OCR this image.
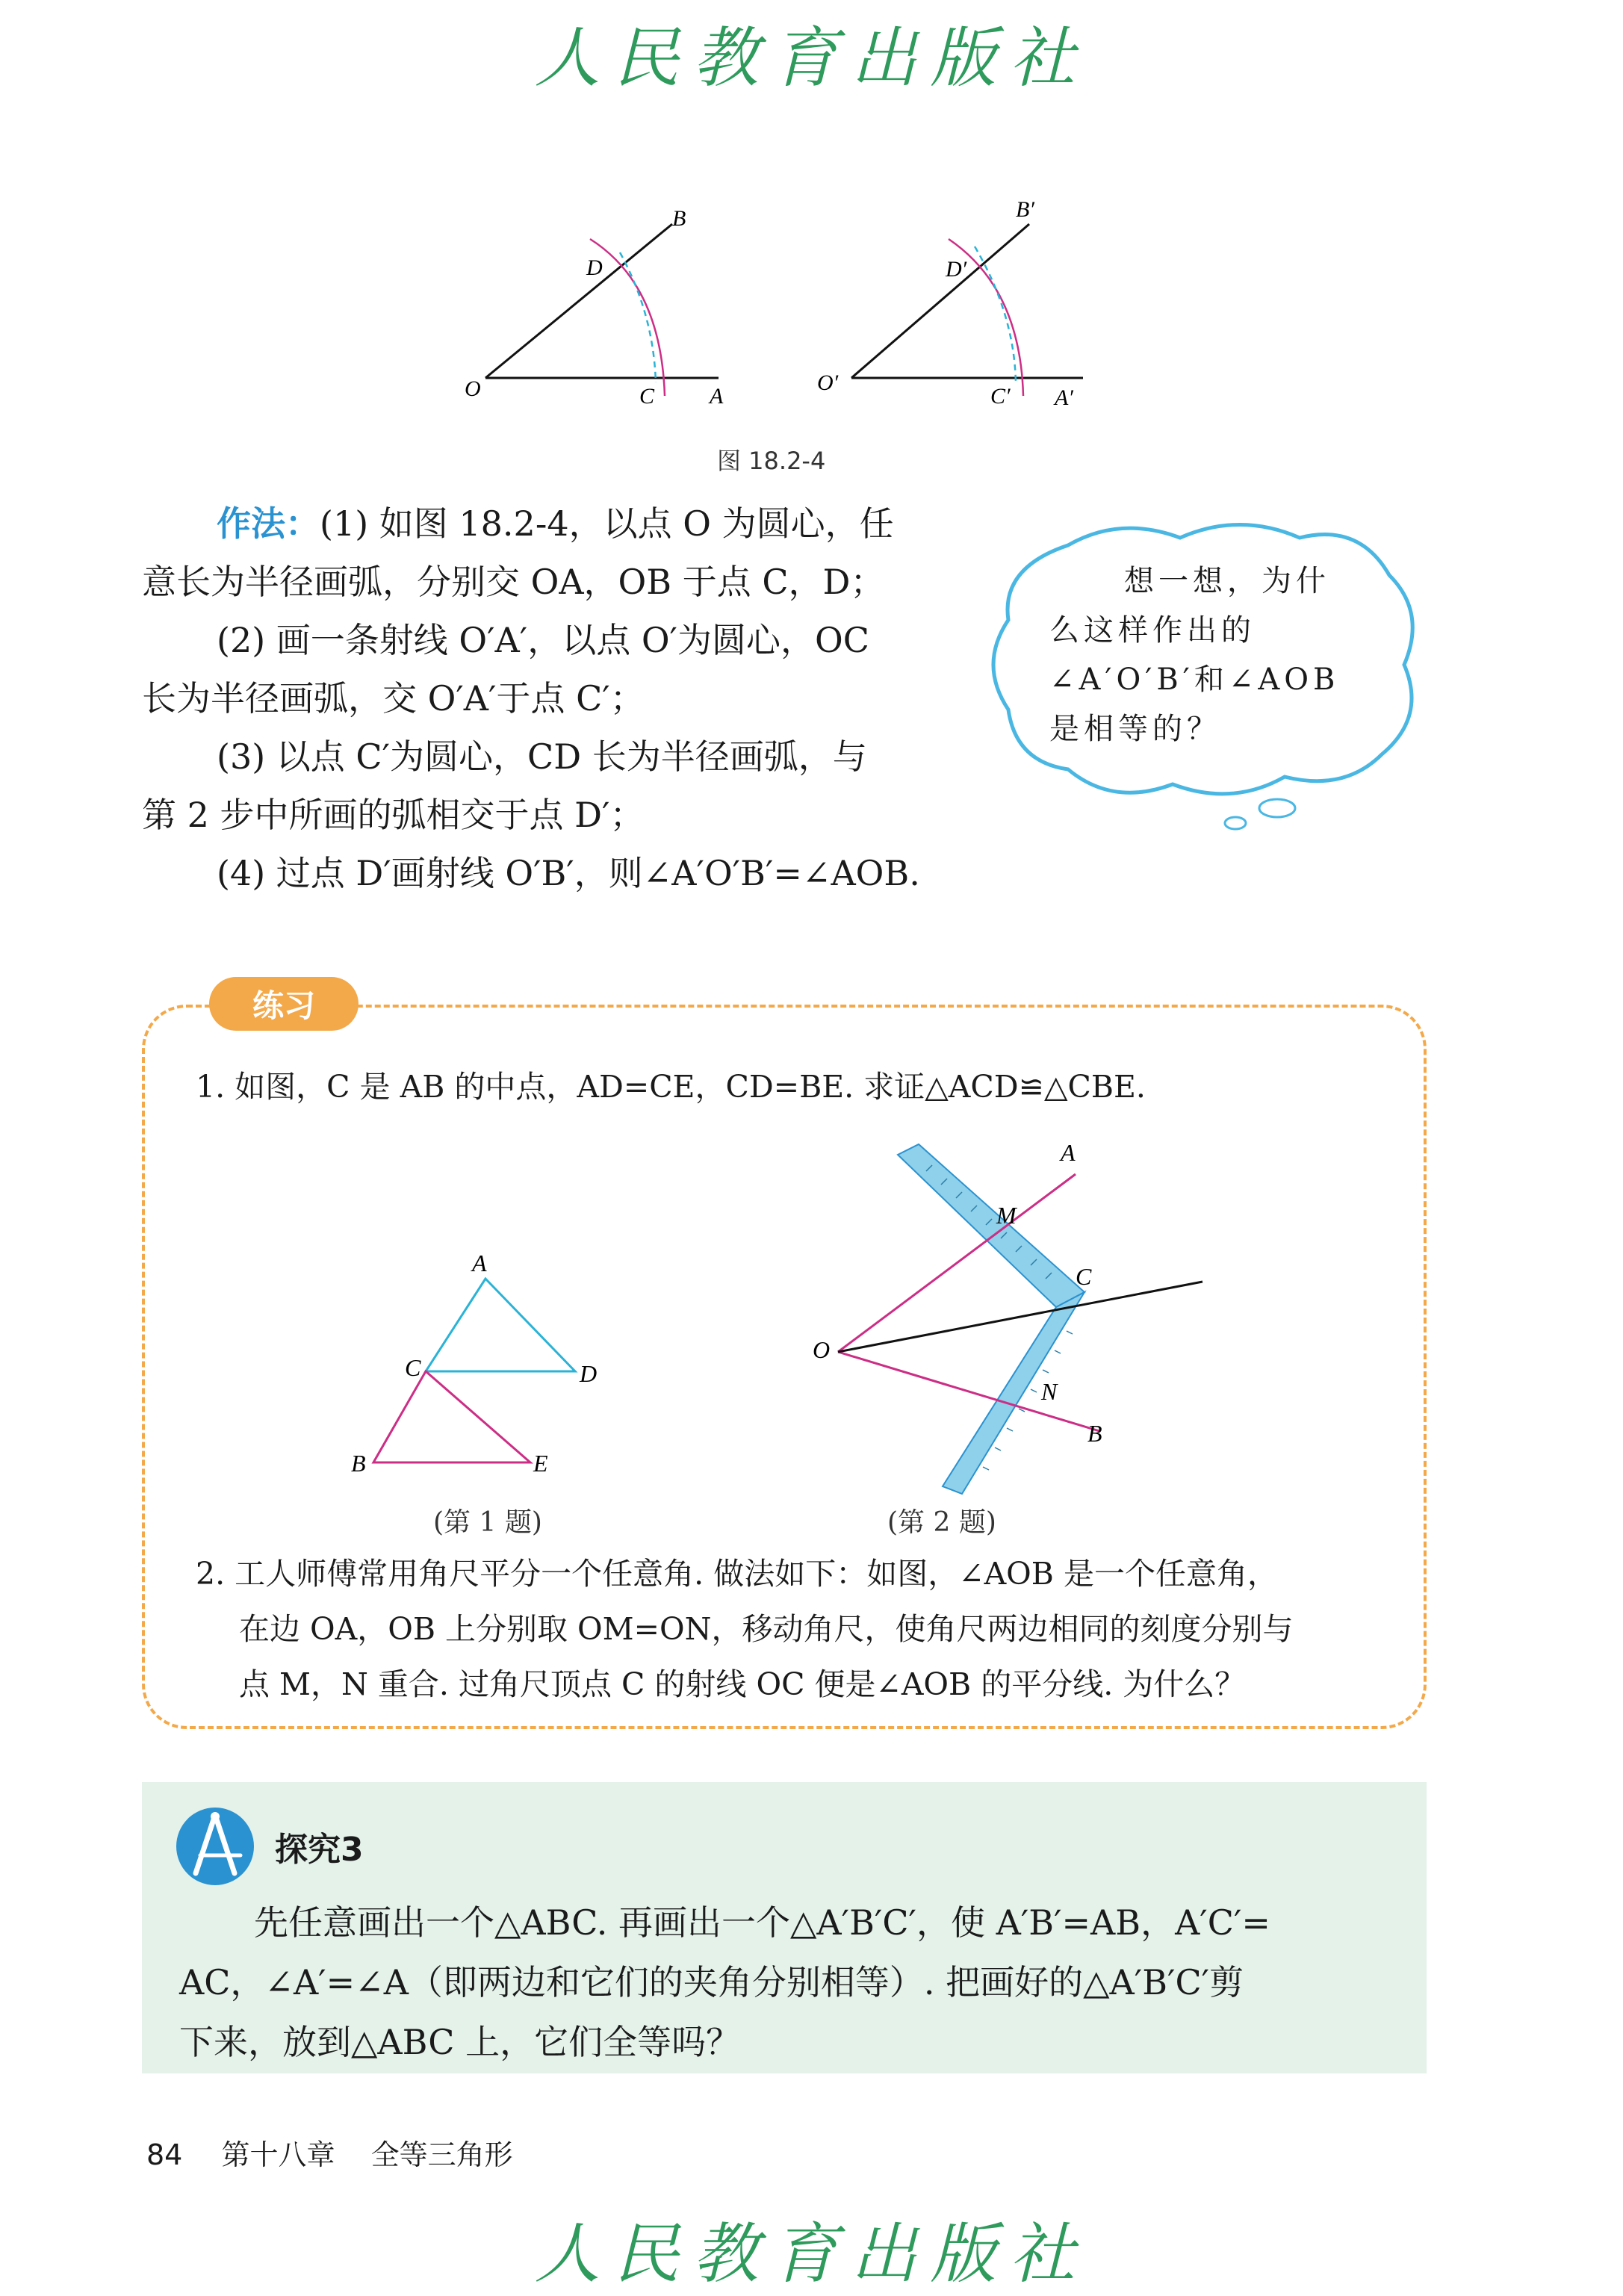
人民教育出版社
O	A
B
C
D
O′
A′
B′
C′
D′
图 18.2-4
作法：(1) 如图 18.2-4，以点 O 为圆心，任
意长为半径画弧，分别交 OA，OB 于点 C，D；
(2) 画一条射线 O′A′，以点 O′为圆心，OC
长为半径画弧，交 O′A′于点 C′；
(3) 以点 C′为圆心，CD 长为半径画弧，与
第 2 步中所画的弧相交于点 D′；
(4) 过点 D′画射线 O′B′，则∠A′O′B′=∠AOB.
想一想，为什
么这样作出的
∠A′O′B′和∠AOB
是相等的？
练习
1. 如图，C 是 AB 的中点，AD=CE，CD=BE. 求证△ACD≌△CBE.
A
C	D
B	E
(第 1 题)
O
A
M
C
N
B
(第 2 题)
2. 工人师傅常用角尺平分一个任意角. 做法如下：如图，∠AOB 是一个任意角，
在边 OA，OB 上分别取 OM=ON，移动角尺，使角尺两边相同的刻度分别与
点 M，N 重合. 过角尺顶点 C 的射线 OC 便是∠AOB 的平分线. 为什么？
探究3
先任意画出一个△ABC. 再画出一个△A′B′C′，使 A′B′=AB，A′C′=
AC，∠A′=∠A（即两边和它们的夹角分别相等）. 把画好的△A′B′C′剪
下来，放到△ABC 上，它们全等吗？
84 第十八章 全等三角形
人民教育出版社
